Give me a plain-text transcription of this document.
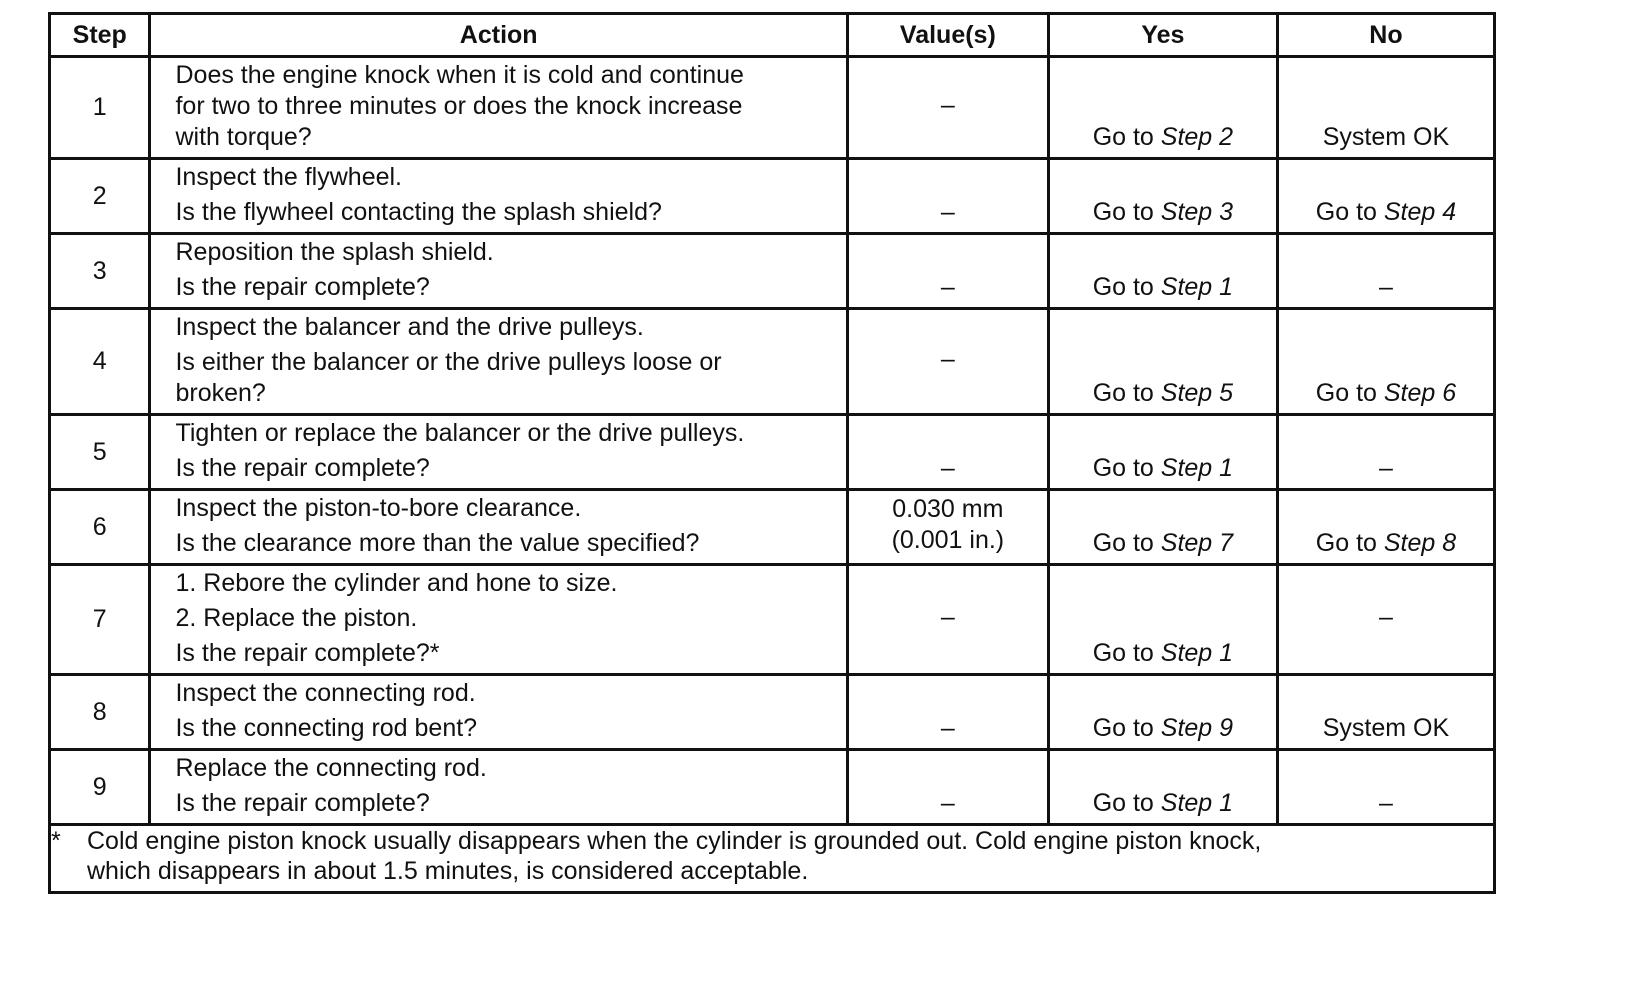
Step	Action	Value(s)	Yes	No
1	Does the engine knock when it is cold and continue
for two to three minutes or does the knock increase
with torque?	–	Go to Step 2	System OK
2	Inspect the flywheel.
Is the flywheel contacting the splash shield?	–	Go to Step 3	Go to Step 4
3	Reposition the splash shield.
Is the repair complete?	–	Go to Step 1	–
4	Inspect the balancer and the drive pulleys.
Is either the balancer or the drive pulleys loose or
broken?	–	Go to Step 5	Go to Step 6
5	Tighten or replace the balancer or the drive pulleys.
Is the repair complete?	–	Go to Step 1	–
6	Inspect the piston-to-bore clearance.
Is the clearance more than the value specified?	0.030 mm
(0.001 in.)	Go to Step 7	Go to Step 8
7	1. Rebore the cylinder and hone to size.
2. Replace the piston.
Is the repair complete?*	–	Go to Step 1	–
8	Inspect the connecting rod.
Is the connecting rod bent?	–	Go to Step 9	System OK
9	Replace the connecting rod.
Is the repair complete?	–	Go to Step 1	–

* Cold engine piston knock usually disappears when the cylinder is grounded out. Cold engine piston knock,
which disappears in about 1.5 minutes, is considered acceptable.				
